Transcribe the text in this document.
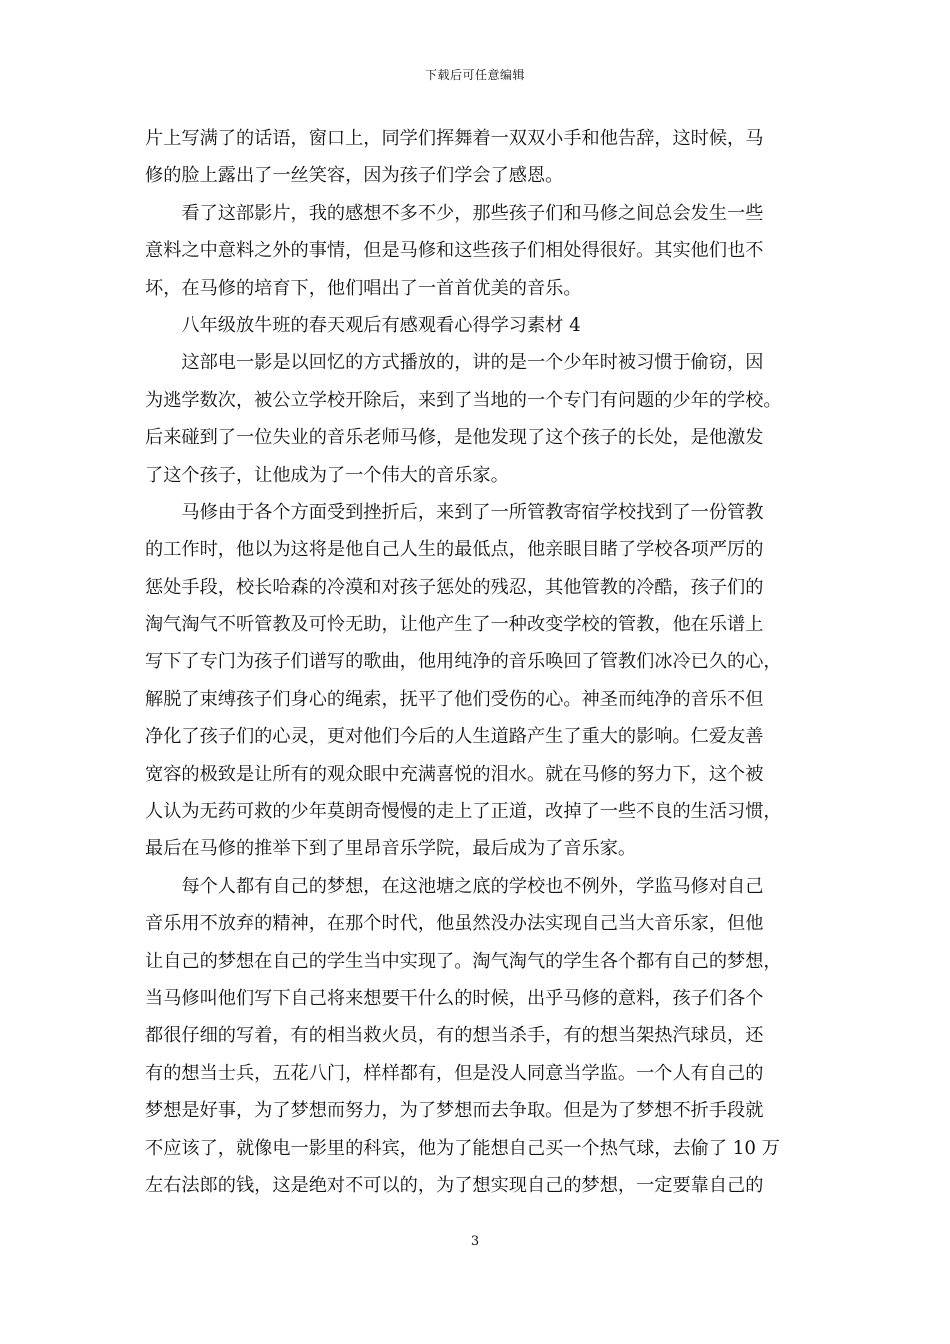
下载后可任意编辑
片上写满了的话语，窗口上，同学们挥舞着一双双小手和他告辞，这时候，马
修的脸上露出了一丝笑容，因为孩子们学会了感恩。
　　看了这部影片，我的感想不多不少，那些孩子们和马修之间总会发生一些
意料之中意料之外的事情，但是马修和这些孩子们相处得很好。其实他们也不
坏，在马修的培育下，他们唱出了一首首优美的音乐。
　　八年级放牛班的春天观后有感观看心得学习素材 4
　　这部电一影是以回忆的方式播放的，讲的是一个少年时被习惯于偷窃，因
为逃学数次，被公立学校开除后，来到了当地的一个专门有问题的少年的学校。
后来碰到了一位失业的音乐老师马修，是他发现了这个孩子的长处，是他激发
了这个孩子，让他成为了一个伟大的音乐家。
　　马修由于各个方面受到挫折后，来到了一所管教寄宿学校找到了一份管教
的工作时，他以为这将是他自己人生的最低点，他亲眼目睹了学校各项严厉的
惩处手段，校长哈森的冷漠和对孩子惩处的残忍，其他管教的冷酷，孩子们的
淘气淘气不听管教及可怜无助，让他产生了一种改变学校的管教，他在乐谱上
写下了专门为孩子们谱写的歌曲，他用纯净的音乐唤回了管教们冰冷已久的心，
解脱了束缚孩子们身心的绳索，抚平了他们受伤的心。神圣而纯净的音乐不但
净化了孩子们的心灵，更对他们今后的人生道路产生了重大的影响。仁爱友善
宽容的极致是让所有的观众眼中充满喜悦的泪水。就在马修的努力下，这个被
人认为无药可救的少年莫朗奇慢慢的走上了正道，改掉了一些不良的生活习惯，
最后在马修的推举下到了里昂音乐学院，最后成为了音乐家。
　　每个人都有自己的梦想，在这池塘之底的学校也不例外，学监马修对自己
音乐用不放弃的精神，在那个时代，他虽然没办法实现自己当大音乐家，但他
让自己的梦想在自己的学生当中实现了。淘气淘气的学生各个都有自己的梦想，
当马修叫他们写下自己将来想要干什么的时候，出乎马修的意料，孩子们各个
都很仔细的写着，有的相当救火员，有的想当杀手，有的想当架热汽球员，还
有的想当士兵，五花八门，样样都有，但是没人同意当学监。一个人有自己的
梦想是好事，为了梦想而努力，为了梦想而去争取。但是为了梦想不折手段就
不应该了，就像电一影里的科宾，他为了能想自己买一个热气球，去偷了 10 万
左右法郎的钱，这是绝对不可以的，为了想实现自己的梦想，一定要靠自己的
3
